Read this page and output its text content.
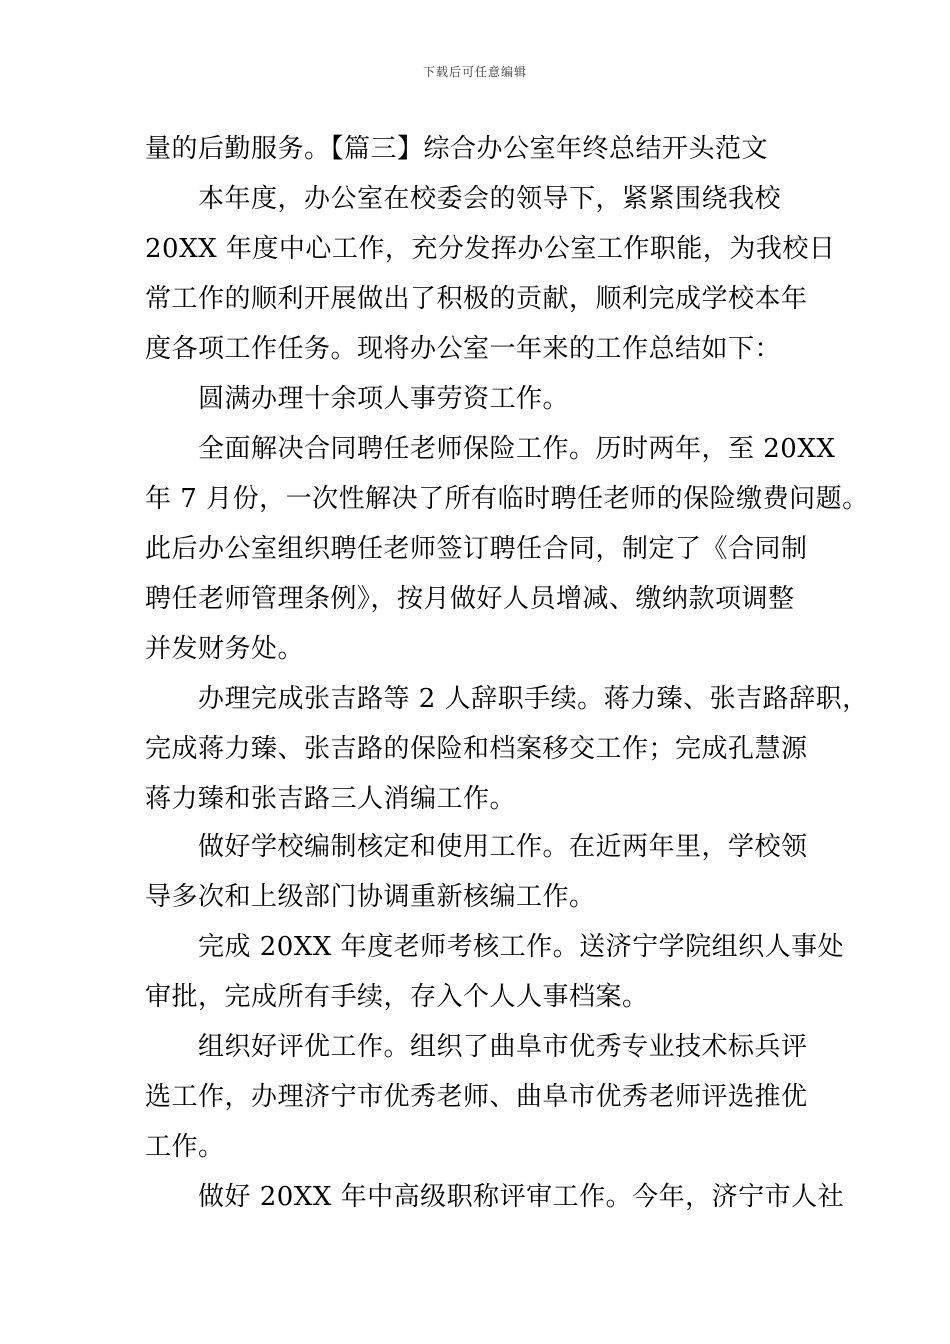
下载后可任意编辑
量的后勤服务。【篇三】综合办公室年终总结开头范文
本年度，办公室在校委会的领导下，紧紧围绕我校
20XX 年度中心工作，充分发挥办公室工作职能，为我校日
常工作的顺利开展做出了积极的贡献，顺利完成学校本年
度各项工作任务。现将办公室一年来的工作总结如下：
圆满办理十余项人事劳资工作。
全面解决合同聘任老师保险工作。历时两年，至 20XX
年 7 月份，一次性解决了所有临时聘任老师的保险缴费问题。
此后办公室组织聘任老师签订聘任合同，制定了《合同制
聘任老师管理条例》，按月做好人员增减、缴纳款项调整
并发财务处。
办理完成张吉路等 2 人辞职手续。蒋力臻、张吉路辞职，
完成蒋力臻、张吉路的保险和档案移交工作；完成孔慧源
蒋力臻和张吉路三人消编工作。
做好学校编制核定和使用工作。在近两年里，学校领
导多次和上级部门协调重新核编工作。
完成 20XX 年度老师考核工作。送济宁学院组织人事处
审批，完成所有手续，存入个人人事档案。
组织好评优工作。组织了曲阜市优秀专业技术标兵评
选工作，办理济宁市优秀老师、曲阜市优秀老师评选推优
工作。
做好 20XX 年中高级职称评审工作。今年，济宁市人社
